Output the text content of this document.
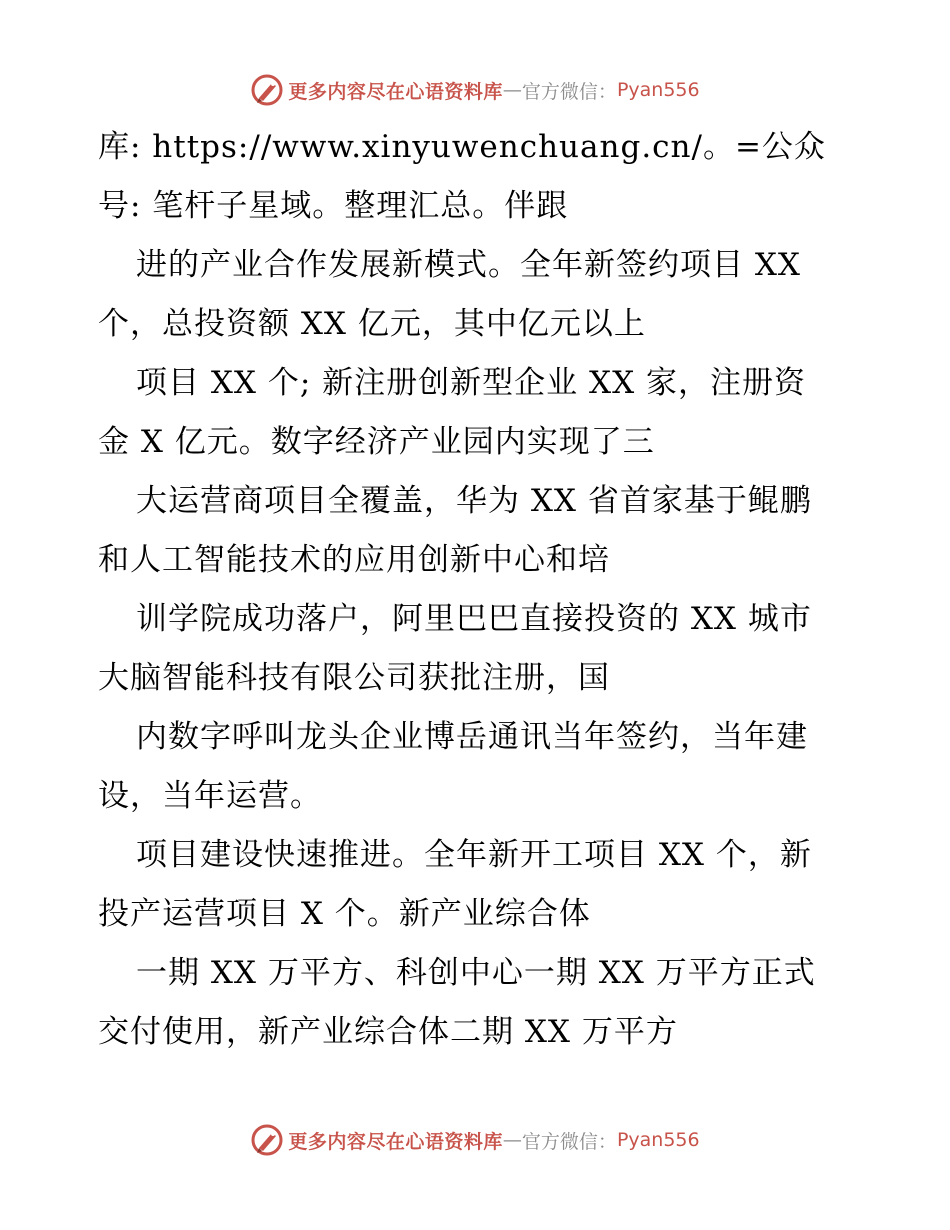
更多内容尽在心语资料库 — 官方微信： Pyan556
库: https://www.xinyuwenchuang.cn/。=公众
号: 笔杆子星域。整理汇总。伴跟
进的产业合作发展新模式。全年新签约项目 XX
个，总投资额 XX 亿元，其中亿元以上
项目 XX 个; 新注册创新型企业 XX 家，注册资
金 X 亿元。数字经济产业园内实现了三
大运营商项目全覆盖，华为 XX 省首家基于鲲鹏
和人工智能技术的应用创新中心和培
训学院成功落户，阿里巴巴直接投资的 XX 城市
大脑智能科技有限公司获批注册，国
内数字呼叫龙头企业博岳通讯当年签约，当年建
设，当年运营。
项目建设快速推进。全年新开工项目 XX 个，新
投产运营项目 X 个。新产业综合体
一期 XX 万平方、科创中心一期 XX 万平方正式
交付使用，新产业综合体二期 XX 万平方
更多内容尽在心语资料库 — 官方微信： Pyan556
